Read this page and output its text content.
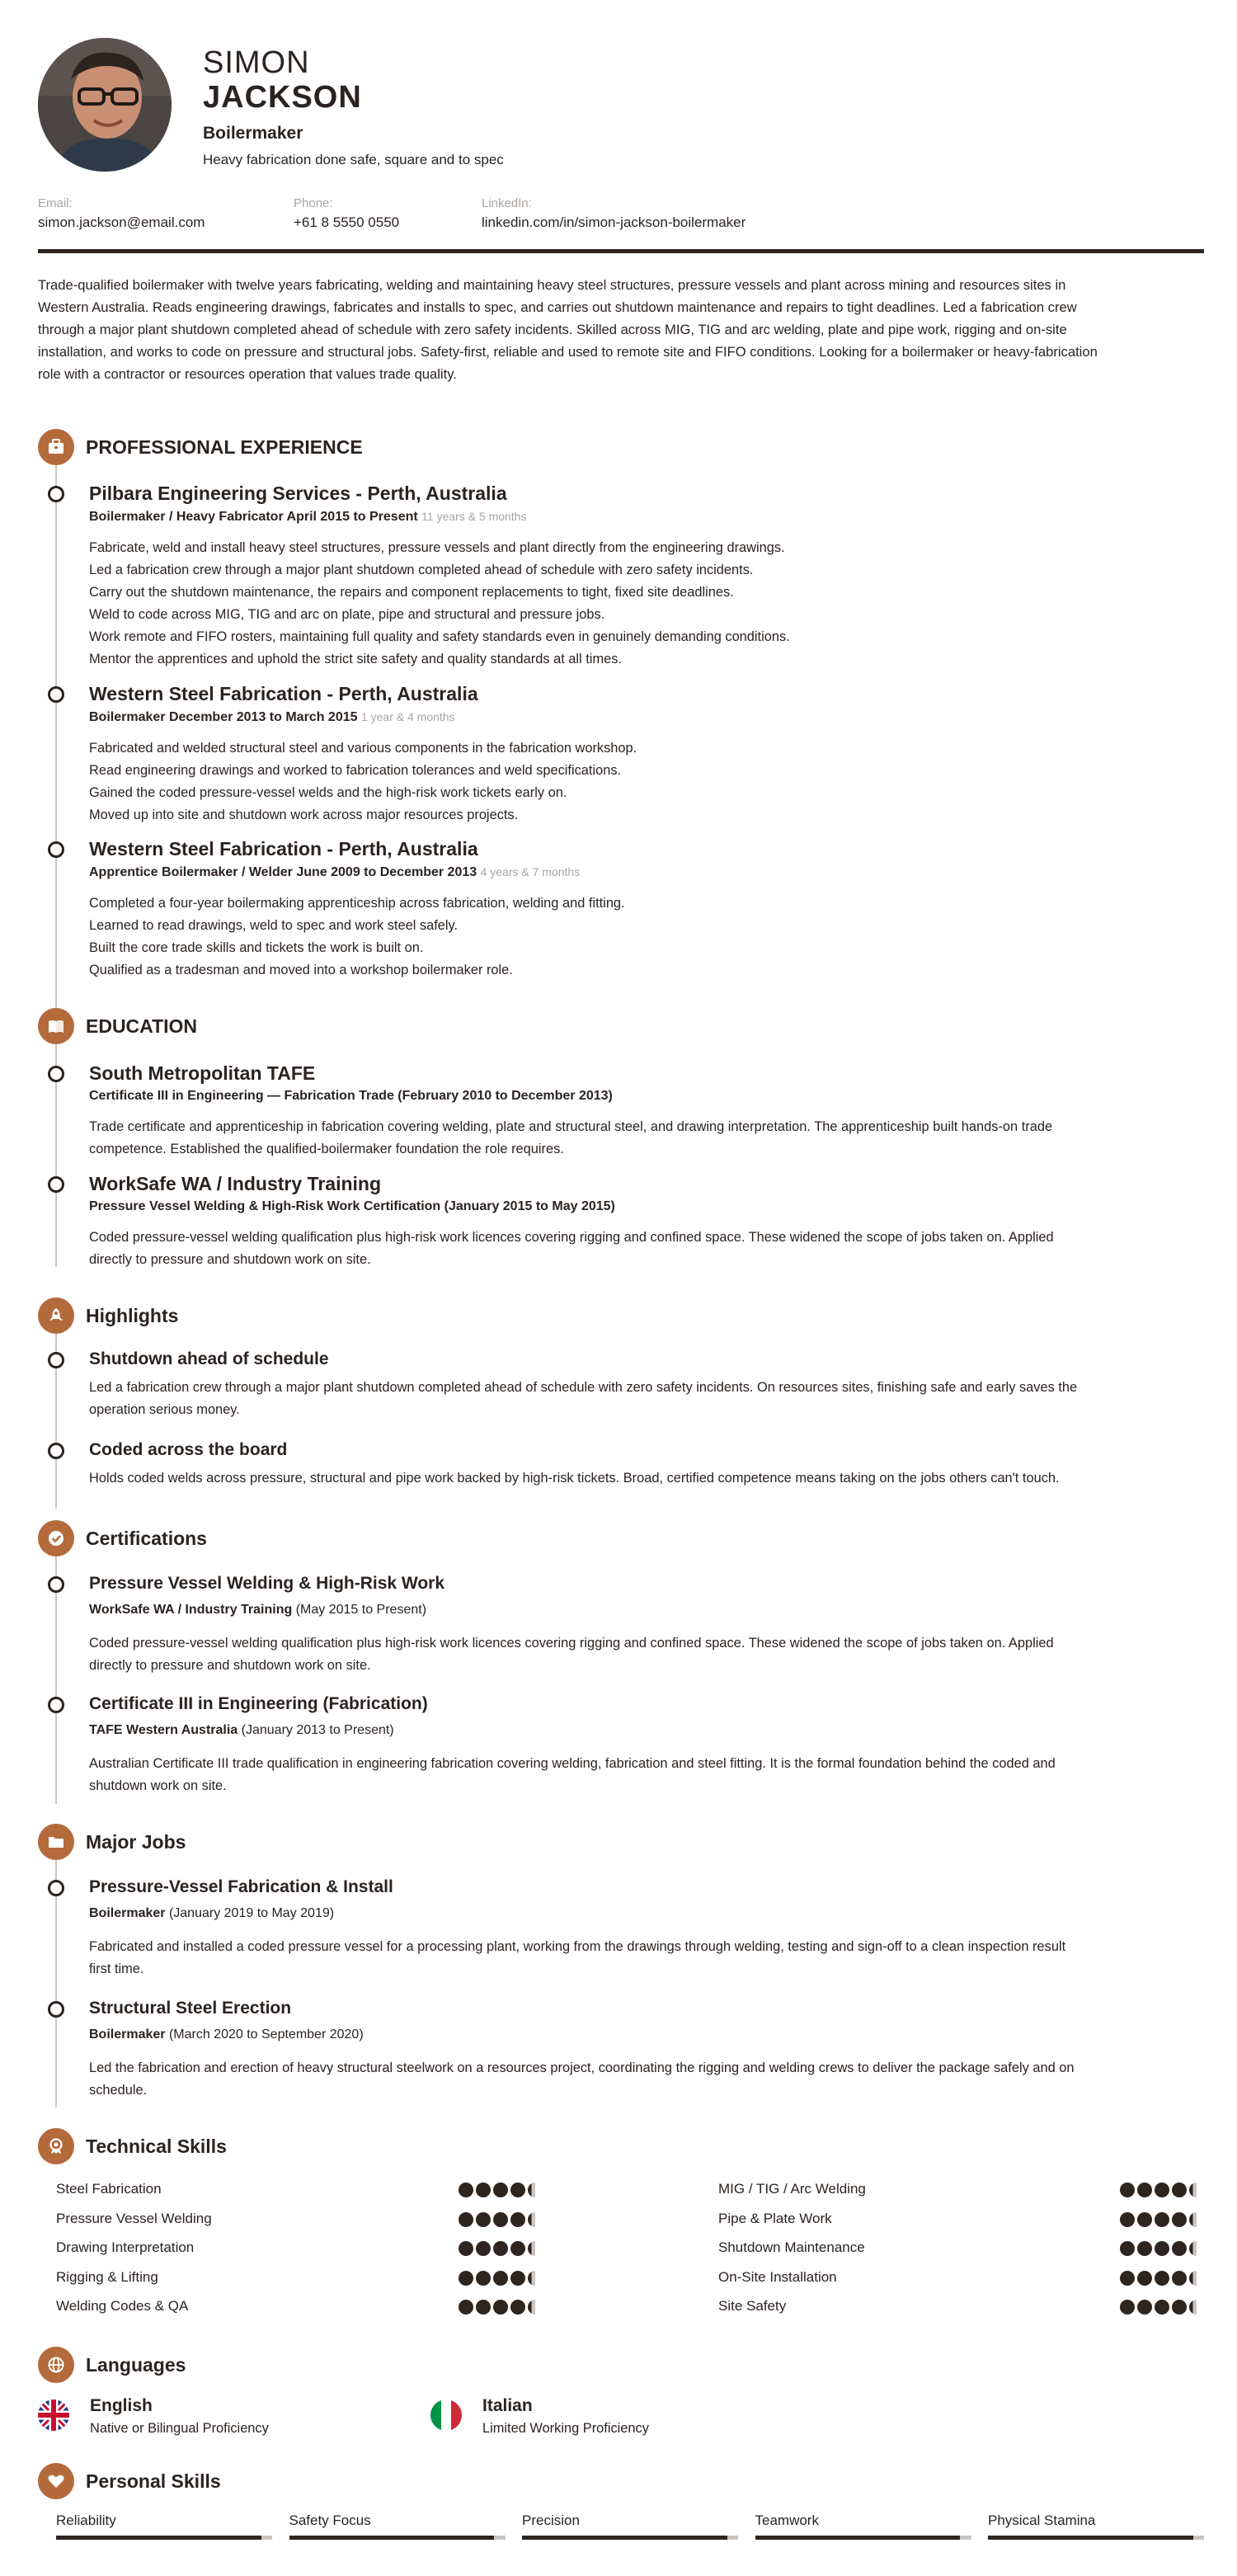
SIMON
JACKSON
Boilermaker
Heavy fabrication done safe, square and to spec
Email:
simon.jackson@email.com
Phone:
+61 8 5550 0550
LinkedIn:
linkedin.com/in/simon-jackson-boilermaker
Trade-qualified boilermaker with twelve years fabricating, welding and maintaining heavy steel structures, pressure vessels and plant across mining and resources sites in
Western Australia. Reads engineering drawings, fabricates and installs to spec, and carries out shutdown maintenance and repairs to tight deadlines. Led a fabrication crew
through a major plant shutdown completed ahead of schedule with zero safety incidents. Skilled across MIG, TIG and arc welding, plate and pipe work, rigging and on-site
installation, and works to code on pressure and structural jobs. Safety-first, reliable and used to remote site and FIFO conditions. Looking for a boilermaker or heavy-fabrication
role with a contractor or resources operation that values trade quality.
PROFESSIONAL EXPERIENCE
Pilbara Engineering Services - Perth, Australia
Boilermaker / Heavy Fabricator April 2015 to Present 11 years & 5 months
Fabricate, weld and install heavy steel structures, pressure vessels and plant directly from the engineering drawings.
Led a fabrication crew through a major plant shutdown completed ahead of schedule with zero safety incidents.
Carry out the shutdown maintenance, the repairs and component replacements to tight, fixed site deadlines.
Weld to code across MIG, TIG and arc on plate, pipe and structural and pressure jobs.
Work remote and FIFO rosters, maintaining full quality and safety standards even in genuinely demanding conditions.
Mentor the apprentices and uphold the strict site safety and quality standards at all times.
Western Steel Fabrication - Perth, Australia
Boilermaker December 2013 to March 2015 1 year & 4 months
Fabricated and welded structural steel and various components in the fabrication workshop.
Read engineering drawings and worked to fabrication tolerances and weld specifications.
Gained the coded pressure-vessel welds and the high-risk work tickets early on.
Moved up into site and shutdown work across major resources projects.
Western Steel Fabrication - Perth, Australia
Apprentice Boilermaker / Welder June 2009 to December 2013 4 years & 7 months
Completed a four-year boilermaking apprenticeship across fabrication, welding and fitting.
Learned to read drawings, weld to spec and work steel safely.
Built the core trade skills and tickets the work is built on.
Qualified as a tradesman and moved into a workshop boilermaker role.
EDUCATION
South Metropolitan TAFE
Certificate III in Engineering — Fabrication Trade (February 2010 to December 2013)
Trade certificate and apprenticeship in fabrication covering welding, plate and structural steel, and drawing interpretation. The apprenticeship built hands-on trade
competence. Established the qualified-boilermaker foundation the role requires.
WorkSafe WA / Industry Training
Pressure Vessel Welding & High-Risk Work Certification (January 2015 to May 2015)
Coded pressure-vessel welding qualification plus high-risk work licences covering rigging and confined space. These widened the scope of jobs taken on. Applied
directly to pressure and shutdown work on site.
Highlights
Shutdown ahead of schedule
Led a fabrication crew through a major plant shutdown completed ahead of schedule with zero safety incidents. On resources sites, finishing safe and early saves the
operation serious money.
Coded across the board
Holds coded welds across pressure, structural and pipe work backed by high-risk tickets. Broad, certified competence means taking on the jobs others can't touch.
Certifications
Pressure Vessel Welding & High-Risk Work
WorkSafe WA / Industry Training (May 2015 to Present)
Coded pressure-vessel welding qualification plus high-risk work licences covering rigging and confined space. These widened the scope of jobs taken on. Applied
directly to pressure and shutdown work on site.
Certificate III in Engineering (Fabrication)
TAFE Western Australia (January 2013 to Present)
Australian Certificate III trade qualification in engineering fabrication covering welding, fabrication and steel fitting. It is the formal foundation behind the coded and
shutdown work on site.
Major Jobs
Pressure-Vessel Fabrication & Install
Boilermaker (January 2019 to May 2019)
Fabricated and installed a coded pressure vessel for a processing plant, working from the drawings through welding, testing and sign-off to a clean inspection result
first time.
Structural Steel Erection
Boilermaker (March 2020 to September 2020)
Led the fabrication and erection of heavy structural steelwork on a resources project, coordinating the rigging and welding crews to deliver the package safely and on
schedule.
Technical Skills
Steel Fabrication
Pressure Vessel Welding
Drawing Interpretation
Rigging & Lifting
Welding Codes & QA
MIG / TIG / Arc Welding
Pipe & Plate Work
Shutdown Maintenance
On-Site Installation
Site Safety
Languages
English
Native or Bilingual Proficiency
Italian
Limited Working Proficiency
Personal Skills
Reliability	Safety Focus	Precision	Teamwork	Physical Stamina
